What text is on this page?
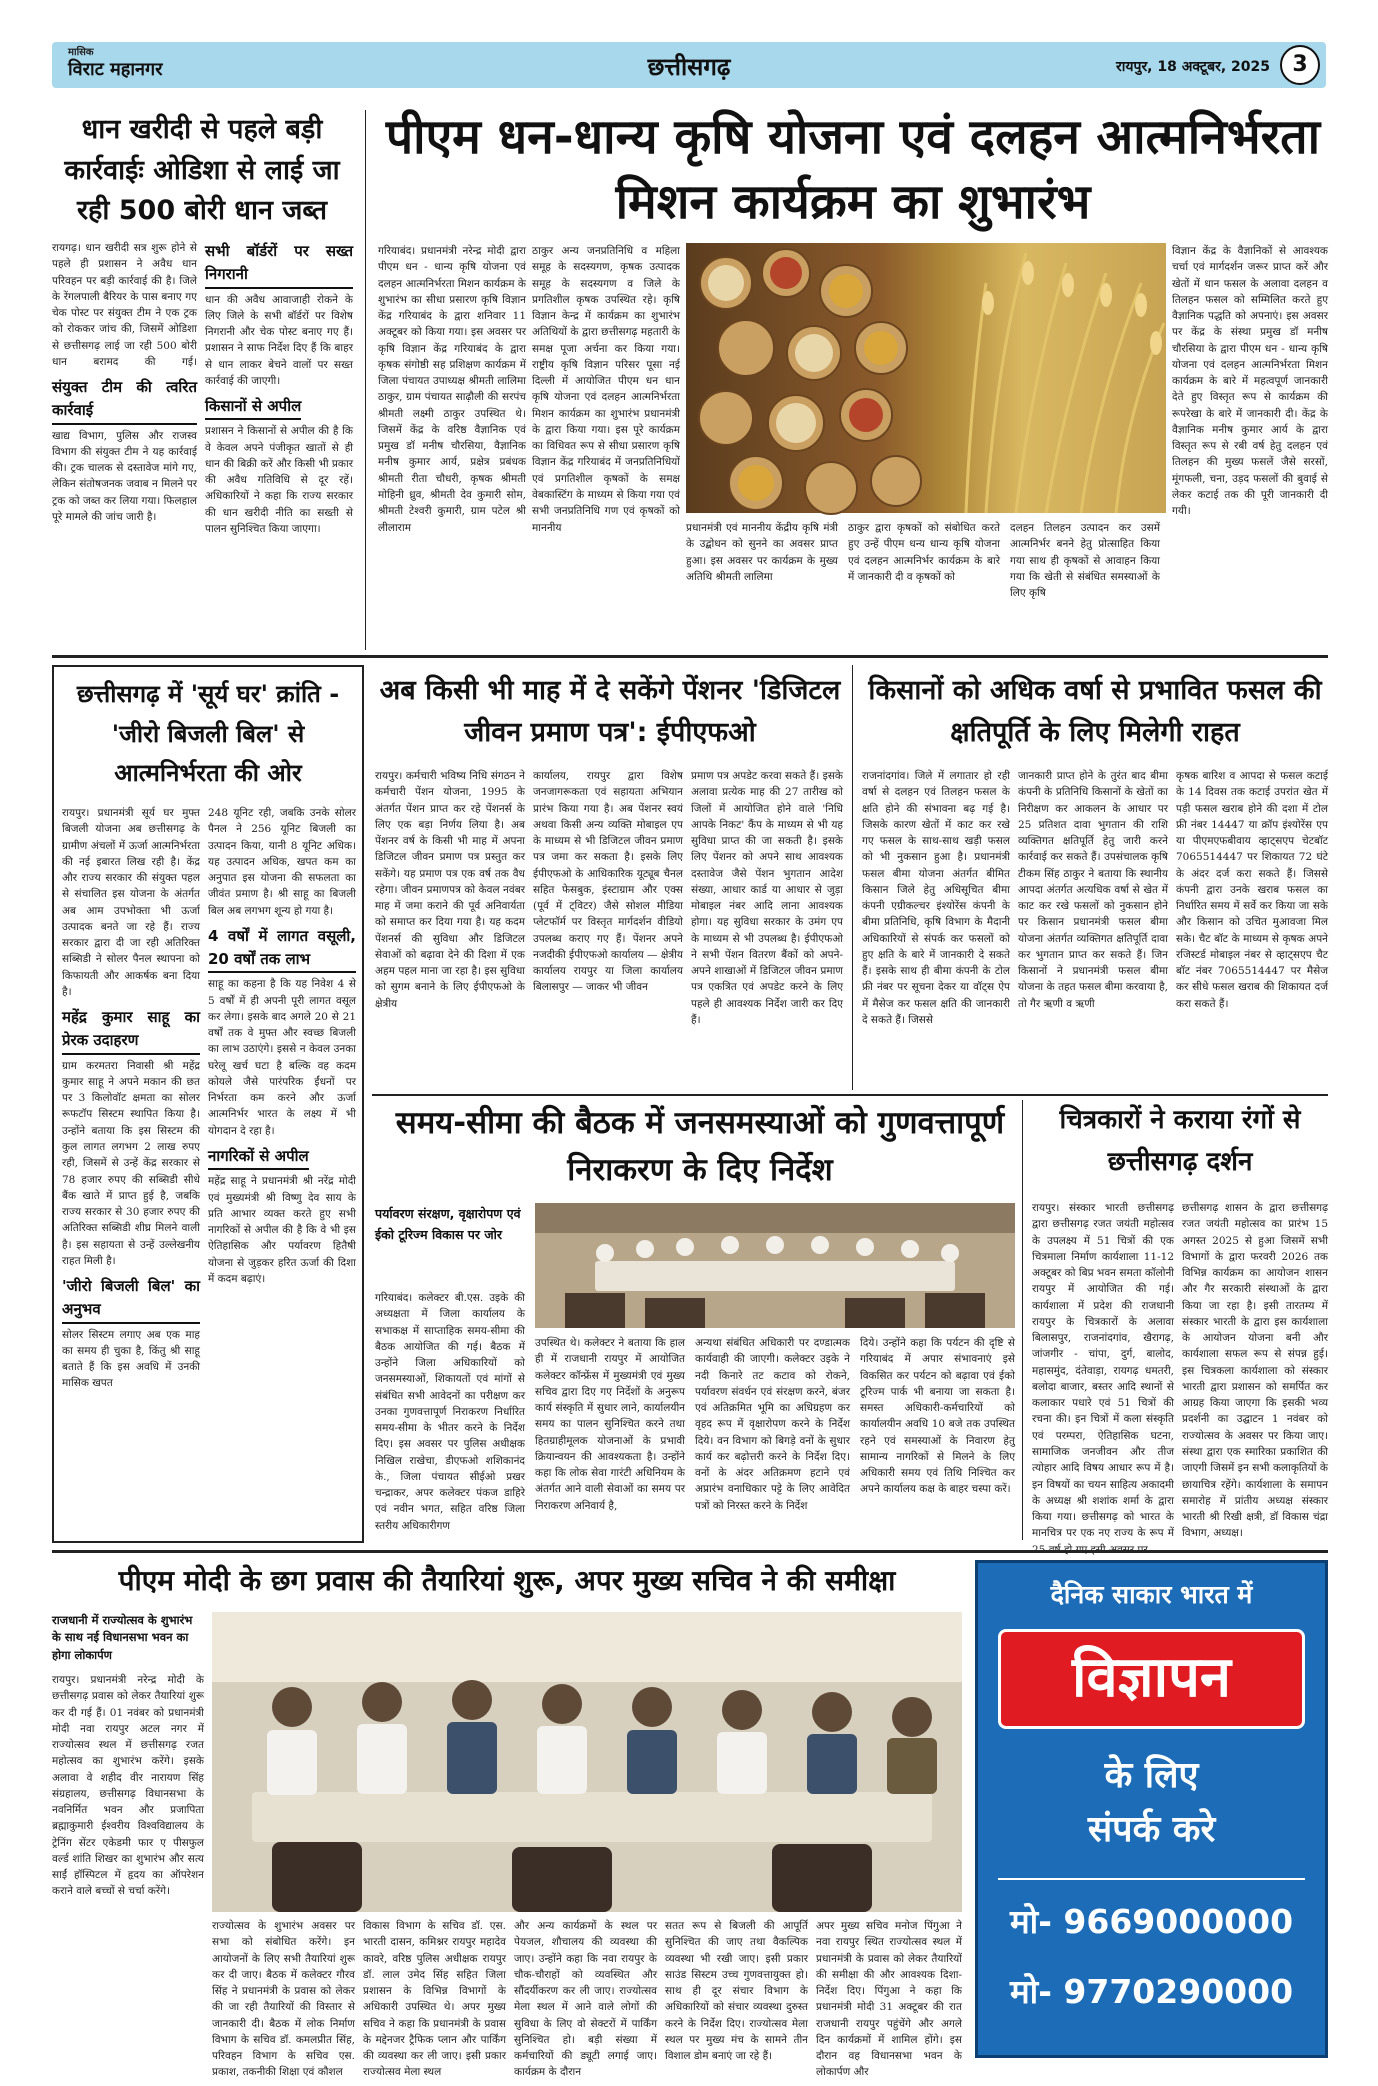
मासिक
विराट महानगर	छत्तीसगढ़	रायपुर, 18 अक्टूबर, 2025	3
धान खरीदी से पहले बड़ी कार्रवाईः ओडिशा से लाई जा रही 500 बोरी धान जब्त
रायगढ़। धान खरीदी सत्र शुरू होने से पहले ही प्रशासन ने अवैध धान परिवहन पर बड़ी कार्रवाई की है। जिले के रेंगलपाली बैरियर के पास बनाए गए चेक पोस्ट पर संयुक्त टीम ने एक ट्रक को रोककर जांच की, जिसमें ओडिशा से छत्तीसगढ़ लाई जा रही 500 बोरी धान बरामद की गई। संयुक्त टीम की त्वरित कार्रवाई
खाद्य विभाग, पुलिस और राजस्व विभाग की संयुक्त टीम ने यह कार्रवाई की। ट्रक चालक से दस्तावेज मांगे गए, लेकिन संतोषजनक जवाब न मिलने पर ट्रक को जब्त कर लिया गया। फिलहाल पूरे मामले की जांच जारी है।
सभी बॉर्डरों पर सख्त निगरानी
धान की अवैध आवाजाही रोकने के लिए जिले के सभी बॉर्डरों पर विशेष निगरानी और चेक पोस्ट बनाए गए हैं। प्रशासन ने साफ निर्देश दिए हैं कि बाहर से धान लाकर बेचने वालों पर सख्त कार्रवाई की जाएगी।
किसानों से अपील
प्रशासन ने किसानों से अपील की है कि वे केवल अपने पंजीकृत खातों से ही धान की बिक्री करें और किसी भी प्रकार की अवैध गतिविधि से दूर रहें। अधिकारियों ने कहा कि राज्य सरकार की धान खरीदी नीति का सख्ती से पालन सुनिश्चित किया जाएगा।
पीएम धन-धान्य कृषि योजना एवं दलहन आत्मनिर्भरता मिशन कार्यक्रम का शुभारंभ
गरियाबंद। प्रधानमंत्री नरेन्द्र मोदी द्वारा पीएम धन - धान्य कृषि योजना एवं दलहन आत्मनिर्भरता मिशन कार्यक्रम के शुभारंभ का सीधा प्रसारण कृषि विज्ञान केंद्र गरियाबंद के द्वारा शनिवार 11 अक्टूबर को किया गया। इस अवसर पर कृषि विज्ञान केंद्र गरियाबंद के द्वारा कृषक संगोष्ठी सह प्रशिक्षण कार्यक्रम में जिला पंचायत उपाध्यक्ष श्रीमती लालिमा ठाकुर, ग्राम पंचायत साढ़ौली की सरपंच श्रीमती लक्ष्मी ठाकुर उपस्थित थे। जिसमें केंद्र के वरिष्ठ वैज्ञानिक एवं प्रमुख डॉ मनीष चौरसिया, वैज्ञानिक मनीष कुमार आर्य, प्रक्षेत्र प्रबंधक श्रीमती रीता चौधरी, कृषक श्रीमती मोहिनी ध्रुव, श्रीमती देव कुमारी सोम, श्रीमती टेश्वरी कुमारी, ग्राम पटेल श्री लीलाराम
ठाकुर अन्य जनप्रतिनिधि व महिला समूह के सदस्यगण, कृषक उत्पादक समूह के सदस्यगण व जिले के प्रगतिशील कृषक उपस्थित रहे। कृषि विज्ञान केन्द्र में कार्यक्रम का शुभारंभ अतिथियों के द्वारा छत्तीसगढ़ महतारी के समक्ष पूजा अर्चना कर किया गया। राष्ट्रीय कृषि विज्ञान परिसर पूसा नई दिल्ली में आयोजित पीएम धन धान कृषि योजना एवं दलहन आत्मनिर्भरता मिशन कार्यक्रम का शुभारंभ प्रधानमंत्री के द्वारा किया गया। इस पूरे कार्यक्रम का विधिवत रूप से सीधा प्रसारण कृषि विज्ञान केंद्र गरियाबंद में जनप्रतिनिधियों एवं प्रगतिशील कृषकों के समक्ष वेबकास्टिंग के माध्यम से किया गया एवं सभी जनप्रतिनिधि गण एवं कृषकों को माननीय	प्रधानमंत्री एवं माननीय केंद्रीय कृषि मंत्री के उद्बोधन को सुनने का अवसर प्राप्त हुआ। इस अवसर पर कार्यक्रम के मुख्य अतिथि श्रीमती लालिमा
ठाकुर द्वारा कृषकों को संबोधित करते हुए उन्हें पीएम धन्य धान्य कृषि योजना एवं दलहन आत्मनिर्भर कार्यक्रम के बारे में जानकारी दी व कृषकों को
दलहन तिलहन उत्पादन कर उसमें आत्मनिर्भर बनने हेतु प्रोत्साहित किया गया साथ ही कृषकों से आवाहन किया गया कि खेती से संबंधित समस्याओं के लिए कृषि
विज्ञान केंद्र के वैज्ञानिकों से आवश्यक चर्चा एवं मार्गदर्शन जरूर प्राप्त करें और खेतों में धान फसल के अलावा दलहन व तिलहन फसल को सम्मिलित करते हुए वैज्ञानिक पद्धति को अपनाएं। इस अवसर पर केंद्र के संस्था प्रमुख डॉ मनीष चौरसिया के द्वारा पीएम धन - धान्य कृषि योजना एवं दलहन आत्मनिर्भरता मिशन कार्यक्रम के बारे में महत्वपूर्ण जानकारी देते हुए विस्तृत रूप से कार्यक्रम की रूपरेखा के बारे में जानकारी दी। केंद्र के वैज्ञानिक मनीष कुमार आर्य के द्वारा विस्तृत रूप से रबी वर्ष हेतु दलहन एवं तिलहन की मुख्य फसलें जैसे सरसों, मूंगफली, चना, उड़द फसलों की बुवाई से लेकर कटाई तक की पूरी जानकारी दी गयी।
छत्तीसगढ़ में 'सूर्य घर' क्रांति - 'जीरो बिजली बिल' से आत्मनिर्भरता की ओर
रायपुर। प्रधानमंत्री सूर्य घर मुफ्त बिजली योजना अब छत्तीसगढ़ के ग्रामीण अंचलों में ऊर्जा आत्मनिर्भरता की नई इबारत लिख रही है। केंद्र और राज्य सरकार की संयुक्त पहल से संचालित इस योजना के अंतर्गत अब आम उपभोक्ता भी ऊर्जा उत्पादक बनते जा रहे हैं। राज्य सरकार द्वारा दी जा रही अतिरिक्त सब्सिडी ने सोलर पैनल स्थापना को किफायती और आकर्षक बना दिया है।
महेंद्र कुमार साहू का प्रेरक उदाहरण
ग्राम करमतरा निवासी श्री महेंद्र कुमार साहू ने अपने मकान की छत पर 3 किलोवॉट क्षमता का सोलर रूफटॉप सिस्टम स्थापित किया है। उन्होंने बताया कि इस सिस्टम की कुल लागत लगभग 2 लाख रुपए रही, जिसमें से उन्हें केंद्र सरकार से 78 हजार रुपए की सब्सिडी सीधे बैंक खाते में प्राप्त हुई है, जबकि राज्य सरकार से 30 हजार रुपए की अतिरिक्त सब्सिडी शीघ्र मिलने वाली है। इस सहायता से उन्हें उल्लेखनीय राहत मिली है।
'जीरो बिजली बिल' का अनुभव
सोलर सिस्टम लगाए अब एक माह का समय ही चुका है, किंतु श्री साहू बताते हैं कि इस अवधि में उनकी मासिक खपत
248 यूनिट रही, जबकि उनके सोलर पैनल ने 256 यूनिट बिजली का उत्पादन किया, यानी 8 यूनिट अधिक। यह उत्पादन अधिक, खपत कम का अनुपात इस योजना की सफलता का जीवंत प्रमाण है। श्री साहू का बिजली बिल अब लगभग शून्य हो गया है।
4 वर्षों में लागत वसूली, 20 वर्षों तक लाभ
साहू का कहना है कि यह निवेश 4 से 5 वर्षों में ही अपनी पूरी लागत वसूल कर लेगा। इसके बाद अगले 20 से 21 वर्षों तक वे मुफ्त और स्वच्छ बिजली का लाभ उठाएंगे। इससे न केवल उनका घरेलू खर्च घटा है बल्कि वह कदम कोयले जैसे पारंपरिक ईंधनों पर निर्भरता कम करने और ऊर्जा आत्मनिर्भर भारत के लक्ष्य में भी योगदान दे रहा है।
नागरिकों से अपील
महेंद्र साहू ने प्रधानमंत्री श्री नरेंद्र मोदी एवं मुख्यमंत्री श्री विष्णु देव साय के प्रति आभार व्यक्त करते हुए सभी नागरिकों से अपील की है कि वे भी इस ऐतिहासिक और पर्यावरण हितैषी योजना से जुड़कर हरित ऊर्जा की दिशा में कदम बढ़ाएं।
अब किसी भी माह में दे सकेंगे पेंशनर 'डिजिटल जीवन प्रमाण पत्र': ईपीएफओ
रायपुर। कर्मचारी भविष्य निधि संगठन ने कर्मचारी पेंशन योजना, 1995 के अंतर्गत पेंशन प्राप्त कर रहे पेंशनर्स के लिए एक बड़ा निर्णय लिया है। अब पेंशनर वर्ष के किसी भी माह में अपना डिजिटल जीवन प्रमाण पत्र प्रस्तुत कर सकेंगे। यह प्रमाण पत्र एक वर्ष तक वैध रहेगा। जीवन प्रमाणपत्र को केवल नवंबर माह में जमा कराने की पूर्व अनिवार्यता को समाप्त कर दिया गया है। यह कदम पेंशनर्स की सुविधा और डिजिटल सेवाओं को बढ़ावा देने की दिशा में एक अहम पहल माना जा रहा है। इस सुविधा को सुगम बनाने के लिए ईपीएफओ के क्षेत्रीय
कार्यालय, रायपुर द्वारा विशेष जनजागरूकता एवं सहायता अभियान प्रारंभ किया गया है। अब पेंशनर स्वयं अथवा किसी अन्य व्यक्ति मोबाइल एप के माध्यम से भी डिजिटल जीवन प्रमाण पत्र जमा कर सकता है। इसके लिए ईपीएफओ के आधिकारिक यूट्यूब चैनल सहित फेसबुक, इंस्टाग्राम और एक्स (पूर्व में ट्विटर) जैसे सोशल मीडिया प्लेटफॉर्म पर विस्तृत मार्गदर्शन वीडियो उपलब्ध कराए गए हैं। पेंशनर अपने नजदीकी ईपीएफओ कार्यालय — क्षेत्रीय कार्यालय रायपुर या जिला कार्यालय बिलासपुर — जाकर भी जीवन
प्रमाण पत्र अपडेट करवा सकते हैं। इसके अलावा प्रत्येक माह की 27 तारीख को जिलों में आयोजित होने वाले 'निधि आपके निकट' कैंप के माध्यम से भी यह सुविधा प्राप्त की जा सकती है। इसके लिए पेंशनर को अपने साथ आवश्यक दस्तावेज जैसे पेंशन भुगतान आदेश संख्या, आधार कार्ड या आधार से जुड़ा मोबाइल नंबर आदि लाना आवश्यक होगा। यह सुविधा सरकार के उमंग एप के माध्यम से भी उपलब्ध है। ईपीएफओ ने सभी पेंशन वितरण बैंकों को अपने-अपने शाखाओं में डिजिटल जीवन प्रमाण पत्र एकत्रित एवं अपडेट करने के लिए पहले ही आवश्यक निर्देश जारी कर दिए हैं।
किसानों को अधिक वर्षा से प्रभावित फसल की क्षतिपूर्ति के लिए मिलेगी राहत
राजनांदगांव। जिले में लगातार हो रही वर्षा से दलहन एवं तिलहन फसल के क्षति होने की संभावना बढ़ गई है। जिसके कारण खेतों में काट कर रखे गए फसल के साथ-साथ खड़ी फसल को भी नुकसान हुआ है। प्रधानमंत्री फसल बीमा योजना अंतर्गत बीमित किसान जिले हेतु अधिसूचित बीमा कंपनी एग्रीकल्चर इंश्योरेंस कंपनी के बीमा प्रतिनिधि, कृषि विभाग के मैदानी अधिकारियों से संपर्क कर फसलों को हुए क्षति के बारे में जानकारी दे सकते हैं। इसके साथ ही बीमा कंपनी के टोल फ्री नंबर पर सूचना देकर या वॉट्स ऐप में मैसेज कर फसल क्षति की जानकारी दे सकते हैं। जिससे
जानकारी प्राप्त होने के तुरंत बाद बीमा कंपनी के प्रतिनिधि किसानों के खेतों का निरीक्षण कर आकलन के आधार पर 25 प्रतिशत दावा भुगतान की राशि व्यक्तिगत क्षतिपूर्ति हेतु जारी करने कार्रवाई कर सकते हैं। उपसंचालक कृषि टीकम सिंह ठाकुर ने बताया कि स्थानीय आपदा अंतर्गत अत्यधिक वर्षा से खेत में काट कर रखे फसलों को नुकसान होने पर किसान प्रधानमंत्री फसल बीमा योजना अंतर्गत व्यक्तिगत क्षतिपूर्ति दावा कर भुगतान प्राप्त कर सकते हैं। जिन किसानों ने प्रधानमंत्री फसल बीमा योजना के तहत फसल बीमा करवाया है, तो गैर ऋणी व ऋणी
कृषक बारिश व आपदा से फसल कटाई के 14 दिवस तक कटाई उपरांत खेत में पड़ी फसल खराब होने की दशा में टोल फ्री नंबर 14447 या क्रॉप इंश्योरेंस एप या पीएमएफबीवाय व्हाट्सएप चेटबॉट 7065514447 पर शिकायत 72 घंटे के अंदर दर्ज करा सकते हैं। जिससे कंपनी द्वारा उनके खराब फसल का निर्धारित समय में सर्वे कर किया जा सके और किसान को उचित मुआवजा मिल सके। चैट बॉट के माध्यम से कृषक अपने रजिस्टर्ड मोबाइल नंबर से व्हाट्सएप चैट बॉट नंबर 7065514447 पर मैसेज कर सीधे फसल खराब की शिकायत दर्ज करा सकते हैं।
समय-सीमा की बैठक में जनसमस्याओं को गुणवत्तापूर्ण निराकरण के दिए निर्देश
पर्यावरण संरक्षण, वृक्षारोपण एवं ईको टूरिज्म विकास पर जोर
गरियाबंद। कलेक्टर बी.एस. उइके की अध्यक्षता में जिला कार्यालय के सभाकक्ष में साप्ताहिक समय-सीमा की बैठक आयोजित की गई। बैठक में उन्होंने जिला अधिकारियों को जनसमस्याओं, शिकायतों एवं मांगों से संबंधित सभी आवेदनों का परीक्षण कर उनका गुणवत्तापूर्ण निराकरण निर्धारित समय-सीमा के भीतर करने के निर्देश दिए। इस अवसर पर पुलिस अधीक्षक निखिल राखेचा, डीएफओ शशिकानंद के., जिला पंचायत सीईओ प्रखर चन्द्राकर, अपर कलेक्टर पंकज डाहिरे एवं नवीन भगत, सहित वरिष्ठ जिला स्तरीय अधिकारीगण
उपस्थित थे। कलेक्टर ने बताया कि हाल ही में राजधानी रायपुर में आयोजित कलेक्टर कॉन्फ्रेंस में मुख्यमंत्री एवं मुख्य सचिव द्वारा दिए गए निर्देशों के अनुरूप कार्य संस्कृति में सुधार लाने, कार्यालयीन समय का पालन सुनिश्चित करने तथा हितग्राहीमूलक योजनाओं के प्रभावी क्रियान्वयन की आवश्यकता है। उन्होंने कहा कि लोक सेवा गारंटी अधिनियम के अंतर्गत आने वाली सेवाओं का समय पर निराकरण अनिवार्य है,
अन्यथा संबंधित अधिकारी पर दण्डात्मक कार्यवाही की जाएगी। कलेक्टर उइके ने नदी किनारे तट कटाव को रोकने, पर्यावरण संवर्धन एवं संरक्षण करने, बंजर एवं अतिक्रमित भूमि का अधिग्रहण कर वृहद रूप में वृक्षारोपण करने के निर्देश दिये। वन विभाग को बिगड़े वनों के सुधार कार्य कर बढ़ोत्तरी करने के निर्देश दिए। वनों के अंदर अतिक्रमण हटाने एवं अप्रारंभ वनाधिकार पट्टे के लिए आवेदित पत्रों को निरस्त करने के निर्देश
दिये। उन्होंने कहा कि पर्यटन की दृष्टि से गरियाबंद में अपार संभावनाएं इसे विकसित कर पर्यटन को बढ़ावा एवं ईको टूरिज्म पार्क भी बनाया जा सकता है। समस्त अधिकारी-कर्मचारियों को कार्यालयीन अवधि 10 बजे तक उपस्थित रहने एवं समस्याओं के निवारण हेतु सामान्य नागरिकों से मिलने के लिए अधिकारी समय एवं तिथि निश्चित कर अपने कार्यालय कक्ष के बाहर चस्पा करें।
चित्रकारों ने कराया रंगों से छत्तीसगढ़ दर्शन
रायपुर। संस्कार भारती छत्तीसगढ़ द्वारा छत्तीसगढ़ रजत जयंती महोत्सव के उपलक्ष्य में 51 चित्रों की एक चित्रमाला निर्माण कार्यशाला 11-12 अक्टूबर को बिप्र भवन समता कॉलोनी रायपुर में आयोजित की गई। कार्यशाला में प्रदेश की राजधानी रायपुर के चित्रकारों के अलावा बिलासपुर, राजनांदगांव, खैरागढ़, जांजगीर - चांपा, दुर्ग, बालोद, महासमुंद, दंतेवाड़ा, रायगढ़ धमतरी, बलोदा बाजार, बस्तर आदि स्थानों से कलाकार पधारे एवं 51 चित्रों की रचना की। इन चित्रों में कला संस्कृति एवं परम्परा, ऐतिहासिक घटना, सामाजिक जनजीवन और तीज त्योहार आदि विषय आधार रूप में है। इन विषयों का चयन साहित्य अकादमी के अध्यक्ष श्री शशांक शर्मा के द्वारा किया गया। छत्तीसगढ़ को भारत के मानचित्र पर एक नए राज्य के रूप में
छत्तीसगढ़ शासन के द्वारा छत्तीसगढ़ रजत जयंती महोत्सव का प्रारंभ 15 अगस्त 2025 से हुआ जिसमें सभी विभागों के द्वारा फरवरी 2026 तक विभिन्न कार्यक्रम का आयोजन शासन और गैर सरकारी संस्थाओं के द्वारा किया जा रहा है। इसी तारतम्य में संस्कार भारती के द्वारा इस कार्यशाला के आयोजन योजना बनी और कार्यशाला सफल रूप से संपन्न हुई। इस चित्रकला कार्यशाला को संस्कार भारती द्वारा प्रशासन को समर्पित कर आग्रह किया जाएगा कि इसकी भव्य प्रदर्शनी का उद्घाटन 1 नवंबर को राज्योत्सव के अवसर पर किया जाए। संस्था द्वारा एक स्मारिका प्रकाशित की जाएगी जिसमें इन सभी कलाकृतियों के छायाचित्र रहेंगे। कार्यशाला के समापन समारोह में प्रांतीय अध्यक्ष संस्कार भारती श्री रिखी क्षत्री, डॉ विकास चंद्रा विभाग, अध्यक्ष।
पीएम मोदी के छग प्रवास की तैयारियां शुरू, अपर मुख्य सचिव ने की समीक्षा
राजधानी में राज्योत्सव के शुभारंभ के साथ नई विधानसभा भवन का होगा लोकार्पण
रायपुर। प्रधानमंत्री नरेन्द्र मोदी के छत्तीसगढ़ प्रवास को लेकर तैयारियां शुरू कर दी गई हैं। 01 नवंबर को प्रधानमंत्री मोदी नवा रायपुर अटल नगर में राज्योत्सव स्थल में छत्तीसगढ़ रजत महोत्सव का शुभारंभ करेंगे। इसके अलावा वे शहीद वीर नारायण सिंह संग्रहालय, छत्तीसगढ़ विधानसभा के नवनिर्मित भवन और प्रजापिता ब्रह्माकुमारी ईश्वरीय विश्वविद्यालय के ट्रेनिंग सेंटर एकेडमी फार ए पीसफुल वर्ल्ड शांति शिखर का शुभारंभ और सत्य साईं हॉस्पिटल में हृदय का ऑपरेशन कराने वाले बच्चों से चर्चा करेंगे।
राज्योत्सव के शुभारंभ अवसर पर सभा को संबोधित करेंगे। इन आयोजनों के लिए सभी तैयारियां शुरू कर दी जाए। बैठक में कलेक्टर गौरव सिंह ने प्रधानमंत्री के प्रवास को लेकर की जा रही तैयारियों की विस्तार से जानकारी दी। बैठक में लोक निर्माण विभाग के सचिव डॉ. कमलप्रीत सिंह, परिवहन विभाग के सचिव एस. प्रकाश, तकनीकी शिक्षा एवं कौशल
विकास विभाग के सचिव डॉ. एस. भारती दासन, कमिश्नर रायपुर महादेव कावरे, वरिष्ठ पुलिस अधीक्षक रायपुर डॉ. लाल उमेद सिंह सहित जिला प्रशासन के विभिन्न विभागों के अधिकारी उपस्थित थे। अपर मुख्य सचिव ने कहा कि प्रधानमंत्री के प्रवास के मद्देनजर ट्रैफिक प्लान और पार्किंग की व्यवस्था कर ली जाए। इसी प्रकार राज्योत्सव मेला स्थल
और अन्य कार्यक्रमों के स्थल पर पेयजल, शौचालय की व्यवस्था की जाए। उन्होंने कहा कि नवा रायपुर के चौक-चौराहों को व्यवस्थित और सौंदर्यीकरण कर ली जाए। राज्योत्सव मेला स्थल में आने वाले लोगों की सुविधा के लिए वो सेक्टरों में पार्किंग सुनिश्चित हो। बड़ी संख्या में कर्मचारियों की ड्यूटी लगाई जाए। कार्यक्रम के दौरान
सतत रूप से बिजली की आपूर्ति सुनिश्चित की जाए तथा वैकल्पिक व्यवस्था भी रखी जाए। इसी प्रकार साउंड सिस्टम उच्च गुणवत्तायुक्त हो। साथ ही दूर संचार विभाग के अधिकारियों को संचार व्यवस्था दुरुस्त करने के निर्देश दिए। राज्योत्सव मेला स्थल पर मुख्य मंच के सामने तीन विशाल डोम बनाएं जा रहे हैं।
अपर मुख्य सचिव मनोज पिंगुआ ने नवा रायपुर स्थित राज्योत्सव स्थल में प्रधानमंत्री के प्रवास को लेकर तैयारियों की समीक्षा की और आवश्यक दिशा-निर्देश दिए। पिंगुआ ने कहा कि प्रधानमंत्री मोदी 31 अक्टूबर की रात राजधानी रायपुर पहुंचेंगे और अगले दिन कार्यक्रमों में शामिल होंगे। इस दौरान वह विधानसभा भवन के लोकार्पण और
दैनिक साकार भारत में
विज्ञापन
के लिए
संपर्क करे
मो- 9669000000
मो- 9770290000
